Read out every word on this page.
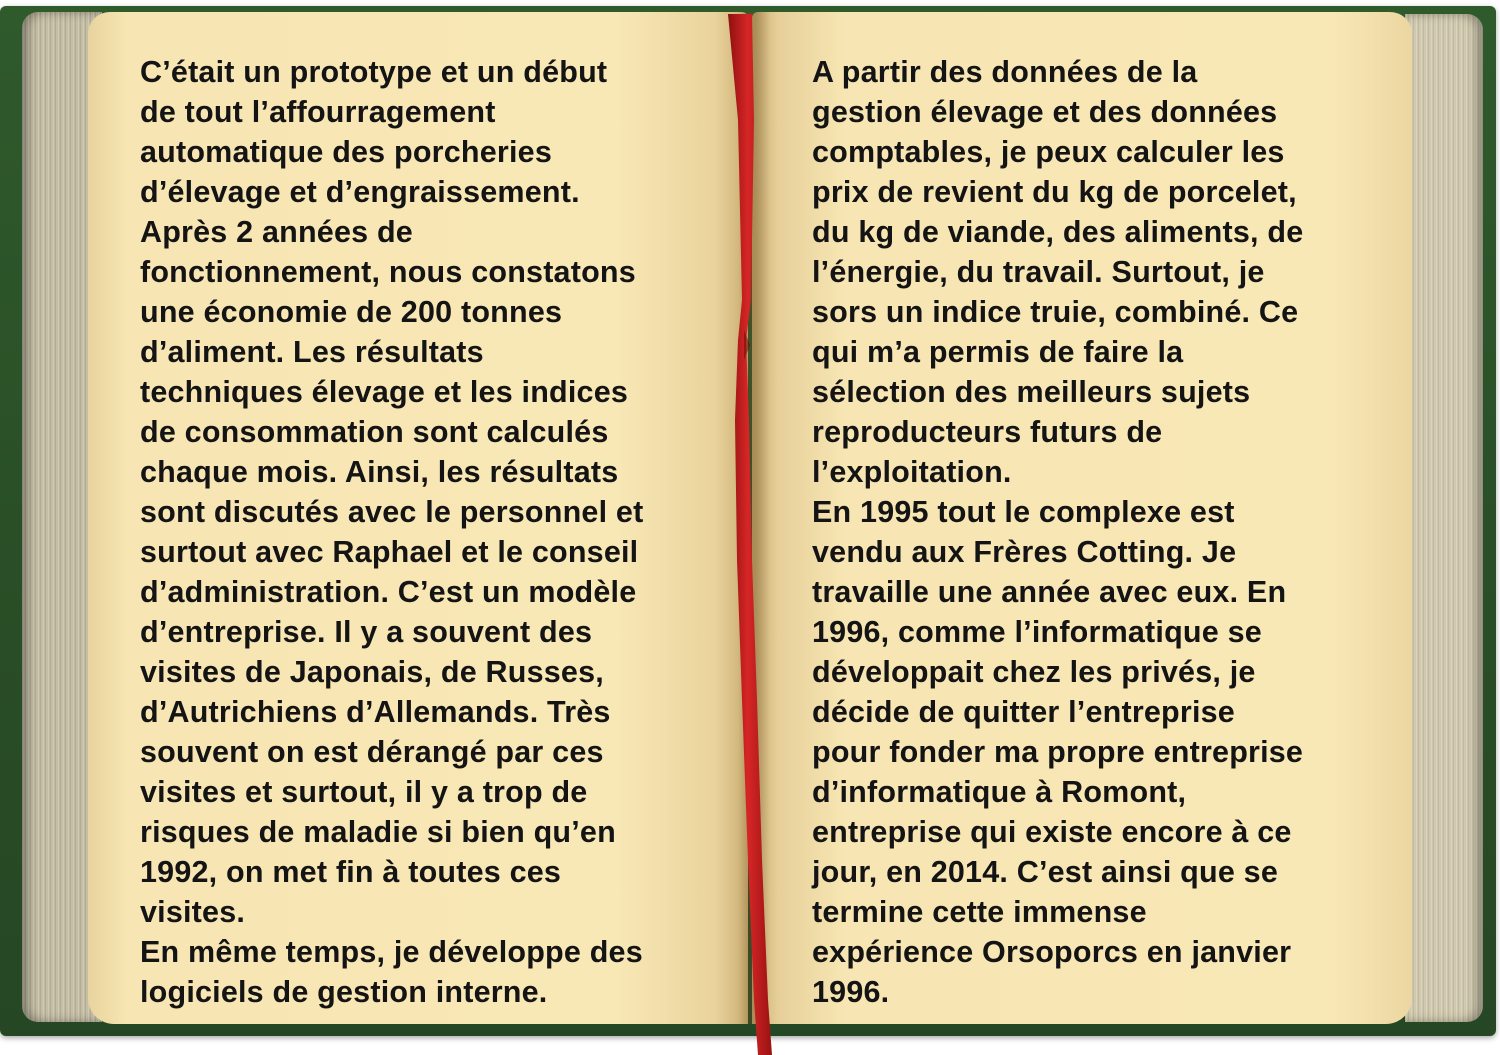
C’était un prototype et un début
de tout l’affourragement
automatique des porcheries
d’élevage et d’engraissement.
Après 2 années de
fonctionnement, nous constatons
une économie de 200 tonnes
d’aliment. Les résultats
techniques élevage et les indices
de consommation sont calculés
chaque mois. Ainsi, les résultats
sont discutés avec le personnel et
surtout avec Raphael et le conseil
d’administration. C’est un modèle
d’entreprise. Il y a souvent des
visites de Japonais, de Russes,
d’Autrichiens d’Allemands. Très
souvent on est dérangé par ces
visites et surtout, il y a trop de
risques de maladie si bien qu’en
1992, on met fin à toutes ces
visites.
En même temps, je développe des
logiciels de gestion interne.
A partir des données de la
gestion élevage et des données
comptables, je peux calculer les
prix de revient du kg de porcelet,
du kg de viande, des aliments, de
l’énergie, du travail. Surtout, je
sors un indice truie, combiné. Ce
qui m’a permis de faire la
sélection des meilleurs sujets
reproducteurs futurs de
l’exploitation.
En 1995 tout le complexe est
vendu aux Frères Cotting. Je
travaille une année avec eux. En
1996, comme l’informatique se
développait chez les privés, je
décide de quitter l’entreprise
pour fonder ma propre entreprise
d’informatique à Romont,
entreprise qui existe encore à ce
jour, en 2014. C’est ainsi que se
termine cette immense
expérience Orsoporcs en janvier
1996.
